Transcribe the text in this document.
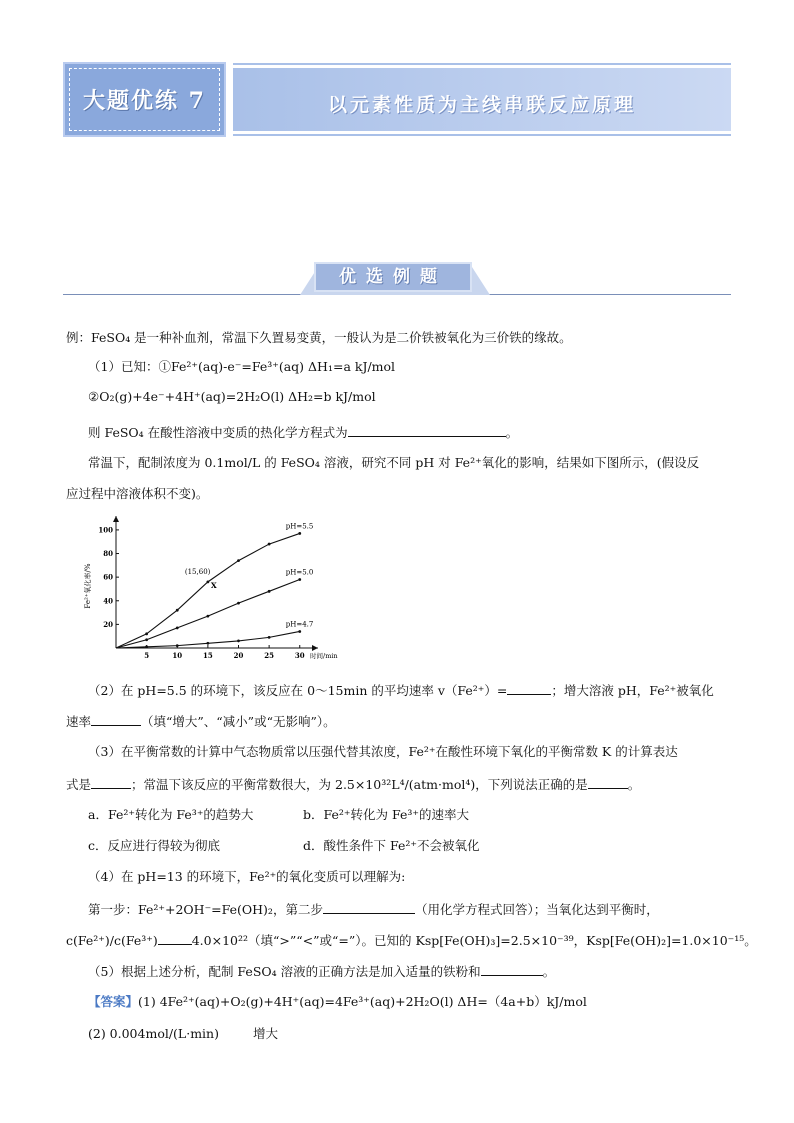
大题优练 7	以元素性质为主线串联反应原理
优选例题
例：FeSO₄ 是一种补血剂，常温下久置易变黄，一般认为是二价铁被氧化为三价铁的缘故。
（1）已知：①Fe²⁺(aq)-e⁻=Fe³⁺(aq) ΔH₁=a kJ/mol
②O₂(g)+4e⁻+4H⁺(aq)=2H₂O(l) ΔH₂=b kJ/mol
则 FeSO₄ 在酸性溶液中变质的热化学方程式为	。
常温下，配制浓度为 0.1mol/L 的 FeSO₄ 溶液，研究不同 pH 对 Fe²⁺氧化的影响，结果如下图所示，(假设反
应过程中溶液体积不变)。
5	10	15	20	25	30
20
40
60
80
100
时间/min
Fe²⁺氧化率/%
pH=5.5
pH=5.0
pH=4.7
(15,60)
X
（2）在 pH=5.5 的环境下，该反应在 0～15min 的平均速率 v（Fe²⁺）=	；增大溶液 pH，Fe²⁺被氧化
速率	（填“增大”、“减小”或“无影响”）。
（3）在平衡常数的计算中气态物质常以压强代替其浓度，Fe²⁺在酸性环境下氧化的平衡常数 K 的计算表达
式是	；常温下该反应的平衡常数很大，为 2.5×10³²L⁴/(atm·mol⁴)，下列说法正确的是	。
a．Fe²⁺转化为 Fe³⁺的趋势大	b．Fe²⁺转化为 Fe³⁺的速率大
c．反应进行得较为彻底	d．酸性条件下 Fe²⁺不会被氧化
（4）在 pH=13 的环境下，Fe²⁺的氧化变质可以理解为:
第一步：Fe²⁺+2OH⁻=Fe(OH)₂，第二步	（用化学方程式回答）；当氧化达到平衡时，
c(Fe²⁺)/c(Fe³⁺)	4.0×10²²（填“>”“<”或“=”）。已知的 Ksp[Fe(OH)₃]=2.5×10⁻³⁹，Ksp[Fe(OH)₂]=1.0×10⁻¹⁵。
（5）根据上述分析，配制 FeSO₄ 溶液的正确方法是加入适量的铁粉和	。
【答案】(1) 4Fe²⁺(aq)+O₂(g)+4H⁺(aq)=4Fe³⁺(aq)+2H₂O(l) ΔH=（4a+b）kJ/mol
(2) 0.004mol/(L·min)	增大
